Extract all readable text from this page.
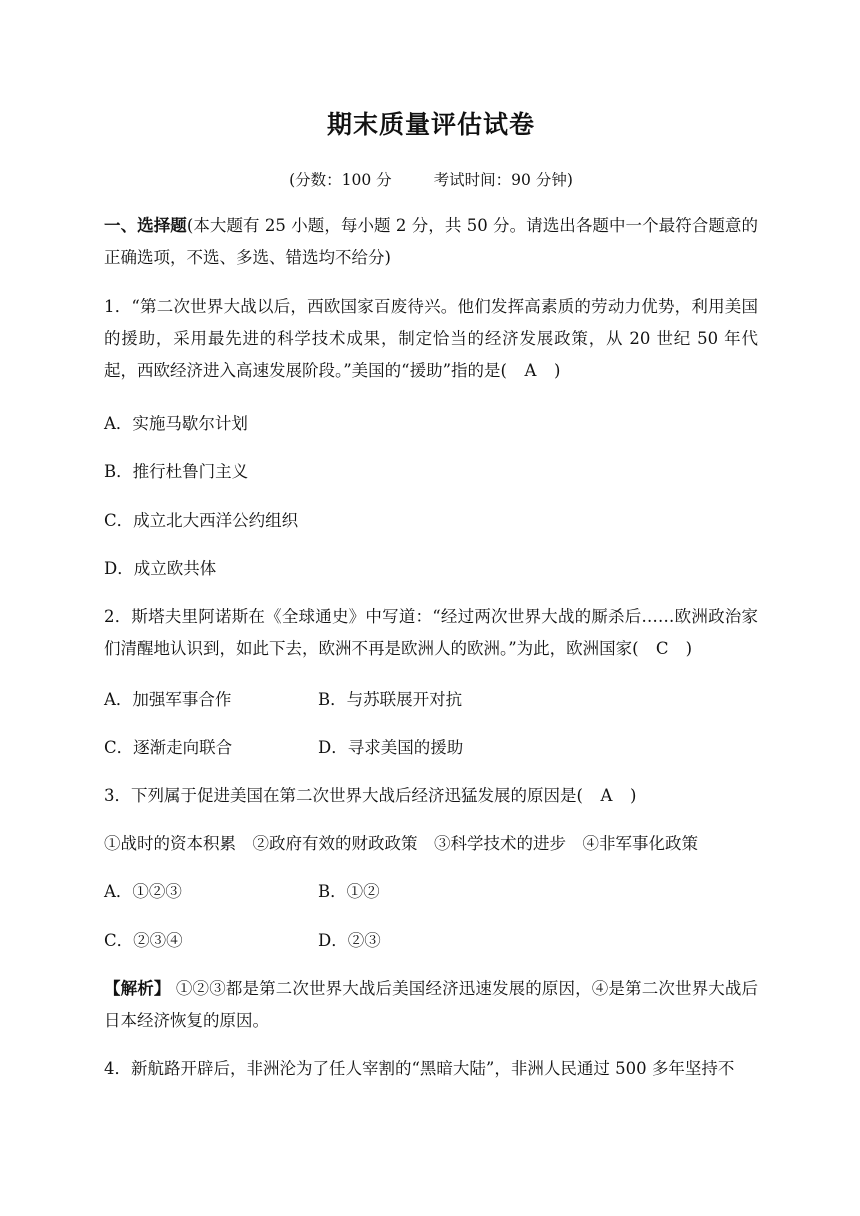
期末质量评估试卷
(分数：100 分	考试时间：90 分钟)

一、选择题(本大题有 25 小题，每小题 2 分，共 50 分。请选出各题中一个最符合题意的正确选项，不选、多选、错选均不给分)

1．“第二次世界大战以后，西欧国家百废待兴。他们发挥高素质的劳动力优势，利用美国的援助，采用最先进的科学技术成果，制定恰当的经济发展政策，从 20 世纪 50 年代起，西欧经济进入高速发展阶段。”美国的“援助”指的是(　A　)

A．实施马歇尔计划

B．推行杜鲁门主义

C．成立北大西洋公约组织

D．成立欧共体

2．斯塔夫里阿诺斯在《全球通史》中写道：“经过两次世界大战的厮杀后……欧洲政治家们清醒地认识到，如此下去，欧洲不再是欧洲人的欧洲。”为此，欧洲国家(　C　)

A．加强军事合作	B．与苏联展开对抗
C．逐渐走向联合	D．寻求美国的援助

3．下列属于促进美国在第二次世界大战后经济迅猛发展的原因是(　A　)

①战时的资本积累　②政府有效的财政政策　③科学技术的进步　④非军事化政策

A．①②③	B．①②
C．②③④	D．②③

【解析】 ①②③都是第二次世界大战后美国经济迅速发展的原因，④是第二次世界大战后日本经济恢复的原因。

4．新航路开辟后，非洲沦为了任人宰割的“黑暗大陆”，非洲人民通过 500 多年坚持不
